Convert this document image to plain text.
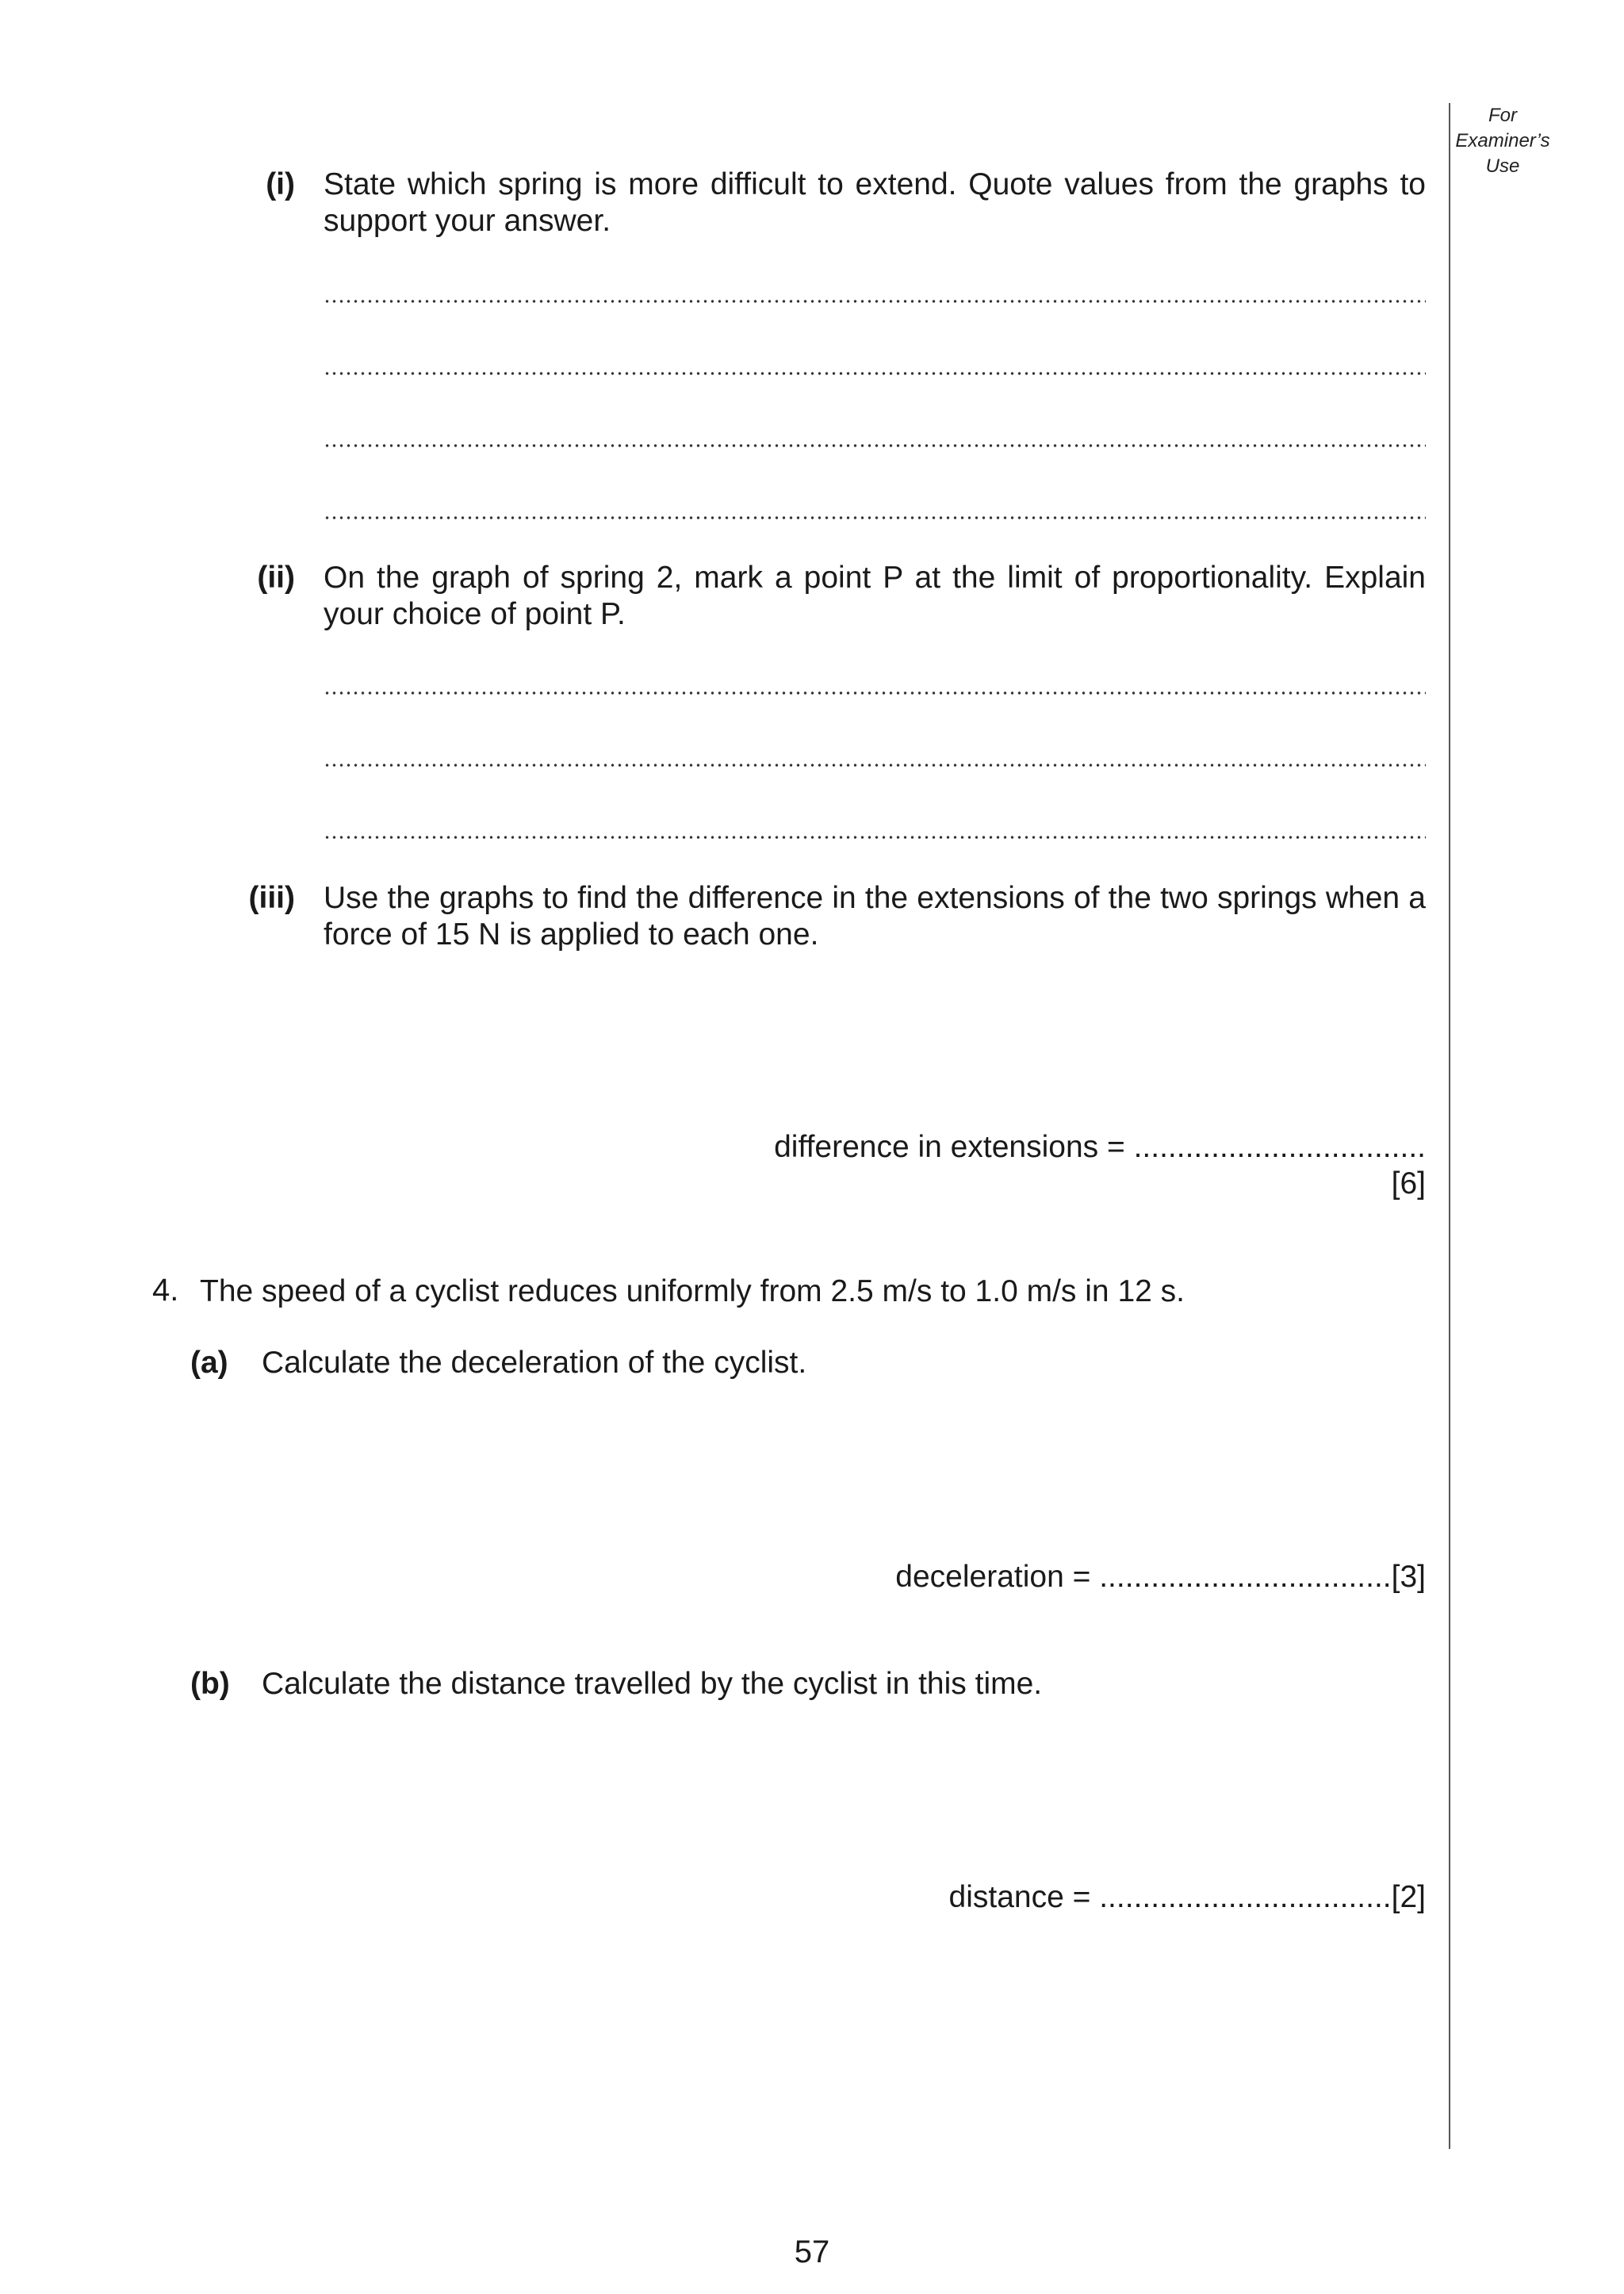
For
Examiner’s
Use
(i) State which spring is more difficult to extend. Quote values from the graphs to support your answer.
(ii) On the graph of spring 2, mark a point P at the limit of proportionality. Explain your choice of point P.
(iii) Use the graphs to find the difference in the extensions of the two springs when a force of 15 N is applied to each one.
difference in extensions = ..................................
[6]
4. The speed of a cyclist reduces uniformly from 2.5 m/s to 1.0 m/s in 12 s.
(a)	Calculate the deceleration of the cyclist.
deceleration = ..................................[3]
(b) Calculate the distance travelled by the cyclist in this time.
distance = ..................................[2]
57
